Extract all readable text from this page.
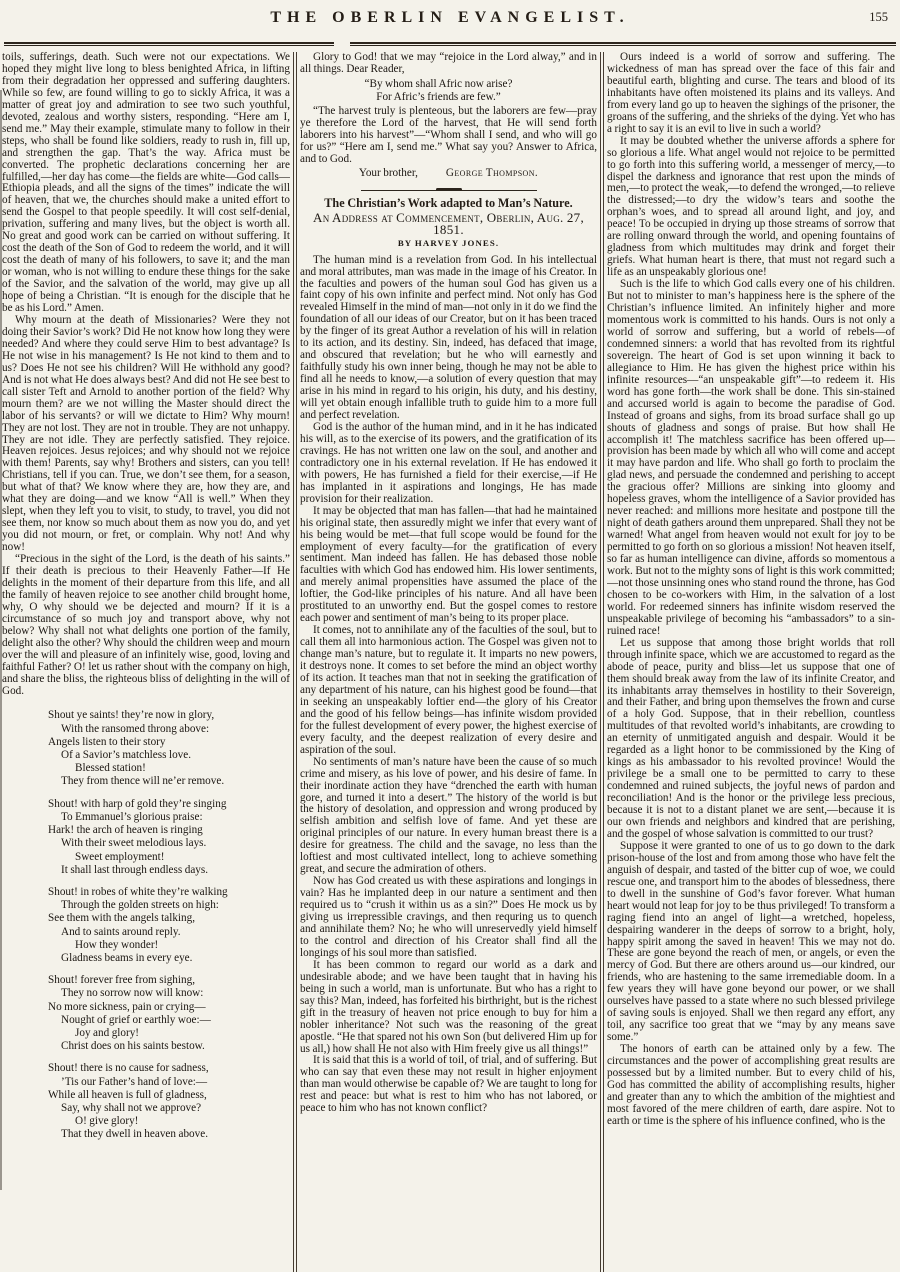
THE OBERLIN EVANGELIST.	155

toils, sufferings, death. Such were not our expectations. We hoped they might live long to bless benighted Africa, in lifting from their degradation her oppressed and suffering daughters. While so few, are found willing to go to sickly Africa, it was a matter of great joy and admiration to see two such youthful, devoted, zealous and worthy sisters, responding. “Here am I, send me.” May their example, stimulate many to follow in their steps, who shall be found like soldiers, ready to rush in, fill up, and strengthen the gap. That’s the way. Africa must be converted. The prophetic declarations concerning her are fulfilled,—her day has come—the fields are white—God calls—Ethiopia pleads, and all the signs of the times” indicate the will of heaven, that we, the churches should make a united effort to send the Gospel to that people speedily. It will cost self-denial, privation, suffering and many lives, but the object is worth all. No great and good work can be carried on without suffering. It cost the death of the Son of God to redeem the world, and it will cost the death of many of his followers, to save it; and the man or woman, who is not willing to endure these things for the sake of the Savior, and the salvation of the world, may give up all hope of being a Christian. “It is enough for the disciple that he be as his Lord.” Amen.

Why mourn at the death of Missionaries? Were they not doing their Savior’s work? Did He not know how long they were needed? And where they could serve Him to best advantage? Is He not wise in his management? Is He not kind to them and to us? Does He not see his children? Will He withhold any good? And is not what He does always best? And did not He see best to call sister Teft and Arnold to another portion of the field? Why mourn them? are we not willing the Master should direct the labor of his servants? or will we dictate to Him? Why mourn! They are not lost. They are not in trouble. They are not unhappy. They are not idle. They are perfectly satisfied. They rejoice. Heaven rejoices. Jesus rejoices; and why should not we rejoice with them! Parents, say why! Brothers and sisters, can you tell! Christians, tell if you can. True, we don’t see them, for a season, but what of that? We know where they are, how they are, and what they are doing—and we know “All is well.” When they slept, when they left you to visit, to study, to travel, you did not see them, nor know so much about them as now you do, and yet you did not mourn, or fret, or complain. Why not! And why now!

“Precious in the sight of the Lord, is the death of his saints.” If their death is precious to their Heavenly Father—If He delights in the moment of their departure from this life, and all the family of heaven rejoice to see another child brought home, why, O why should we be dejected and mourn? If it is a circumstance of so much joy and transport above, why not below? Why shall not what delights one portion of the family, delight also the other? Why should the children weep and mourn over the will and pleasure of an infinitely wise, good, loving and faithful Father? O! let us rather shout with the company on high, and share the bliss, the righteous bliss of delighting in the will of God.

Shout ye saints! they’re now in glory,
With the ransomed throng above:
Angels listen to their story
Of a Savior’s matchless love.
Blessed station!
They from thence will ne’er remove.
Shout! with harp of gold they’re singing
To Emmanuel’s glorious praise:
Hark! the arch of heaven is ringing
With their sweet melodious lays.
Sweet employment!
It shall last through endless days.
Shout! in robes of white they’re walking
Through the golden streets on high:
See them with the angels talking,
And to saints around reply.
How they wonder!
Gladness beams in every eye.
Shout! forever free from sighing,
They no sorrow now will know:
No more sickness, pain or crying—
Nought of grief or earthly woe:—
Joy and glory!
Christ does on his saints bestow.
Shout! there is no cause for sadness,
’Tis our Father’s hand of love:—
While all heaven is full of gladness,
Say, why shall not we approve?
O! give glory!
That they dwell in heaven above.

Glory to God! that we may “rejoice in the Lord alway,” and in all things. Dear Reader,

“By whom shall Afric now arise?
For Afric’s friends are few.”

“The harvest truly is plenteous, but the laborers are few—pray ye therefore the Lord of the harvest, that He will send forth laborers into his harvest”—“Whom shall I send, and who will go for us?” “Here am I, send me.” What say you? Answer to Africa, and to God.

Your brother,	George Thompson.
The Christian’s Work adapted to Man’s Nature.
An Address at Commencement, Oberlin, Aug. 27, 1851.
BY HARVEY JONES.

The human mind is a revelation from God. In his intellectual and moral attributes, man was made in the image of his Creator. In the faculties and powers of the human soul God has given us a faint copy of his own infinite and perfect mind. Not only has God revealed Himself in the mind of man—not only in it do we find the foundation of all our ideas of our Creator, but on it has been traced by the finger of its great Author a revelation of his will in relation to its action, and its destiny. Sin, indeed, has defaced that image, and obscured that revelation; but he who will earnestly and faithfully study his own inner being, though he may not be able to find all he needs to know,—a solution of every question that may arise in his mind in regard to his origin, his duty, and his destiny, will yet obtain enough infallible truth to guide him to a more full and perfect revelation.

God is the author of the human mind, and in it he has indicated his will, as to the exercise of its powers, and the gratification of its cravings. He has not written one law on the soul, and another and contradictory one in his external revelation. If He has endowed it with powers, He has furnished a field for their exercise,—if He has implanted in it aspirations and longings, He has made provision for their realization.

It may be objected that man has fallen—that had he maintained his original state, then assuredly might we infer that every want of his being would be met—that full scope would be found for the employment of every faculty—for the gratification of every sentiment. Man indeed has fallen. He has debased those noble faculties with which God has endowed him. His lower sentiments, and merely animal propensities have assumed the place of the loftier, the God-like principles of his nature. And all have been prostituted to an unworthy end. But the gospel comes to restore each power and sentiment of man’s being to its proper place.

It comes, not to annihilate any of the faculties of the soul, but to call them all into harmonious action. The Gospel was given not to change man’s nature, but to regulate it. It imparts no new powers, it destroys none. It comes to set before the mind an object worthy of its action. It teaches man that not in seeking the gratification of any department of his nature, can his highest good be found—that in seeking an unspeakably loftier end—the glory of his Creator and the good of his fellow beings—has infinite wisdom provided for the fullest development of every power, the highest exercise of every faculty, and the deepest realization of every desire and aspiration of the soul.

No sentiments of man’s nature have been the cause of so much crime and misery, as his love of power, and his desire of fame. In their inordinate action they have “drenched the earth with human gore, and turned it into a desert.” The history of the world is but the history of desolation, and oppression and wrong produced by selfish ambition and selfish love of fame. And yet these are original principles of our nature. In every human breast there is a desire for greatness. The child and the savage, no less than the loftiest and most cultivated intellect, long to achieve something great, and secure the admiration of others.

Now has God created us with these aspirations and longings in vain? Has he implanted deep in our nature a sentiment and then required us to “crush it within us as a sin?” Does He mock us by giving us irrepressible cravings, and then requring us to quench and annihilate them? No; he who will unreservedly yield himself to the control and direction of his Creator shall find all the longings of his soul more than satisfied.

It has been common to regard our world as a dark and undesirable abode; and we have been taught that in having his being in such a world, man is unfortunate. But who has a right to say this? Man, indeed, has forfeited his birthright, but is the richest gift in the treasury of heaven not price enough to buy for him a nobler inheritance? Not such was the reasoning of the great apostle. “He that spared not his own Son (but delivered Him up for us all,) how shall He not also with Him freely give us all things!”

It is said that this is a world of toil, of trial, and of suffering. But who can say that even these may not result in higher enjoyment than man would otherwise be capable of? We are taught to long for rest and peace: but what is rest to him who has not labored, or peace to him who has not known conflict?

Ours indeed is a world of sorrow and suffering. The wickedness of man has spread over the face of this fair and beautiful earth, blighting and curse. The tears and blood of its inhabitants have often moistened its plains and its valleys. And from every land go up to heaven the sighings of the prisoner, the groans of the suffering, and the shrieks of the dying. Yet who has a right to say it is an evil to live in such a world?

It may be doubted whether the universe affords a sphere for so glorious a life. What angel would not rejoice to be permitted to go forth into this suffering world, a messenger of mercy,—to dispel the darkness and ignorance that rest upon the minds of men,—to protect the weak,—to defend the wronged,—to relieve the distressed;—to dry the widow’s tears and soothe the orphan’s woes, and to spread all around light, and joy, and peace! To be occupied in drying up those streams of sorrow that are rolling onward through the world, and opening fountains of gladness from which multitudes may drink and forget their griefs. What human heart is there, that must not regard such a life as an unspeakably glorious one!

Such is the life to which God calls every one of his children. But not to minister to man’s happiness here is the sphere of the Christian’s influence limited. An infinitely higher and more momentous work is committed to his hands. Ours is not only a world of sorrow and suffering, but a world of rebels—of condemned sinners: a world that has revolted from its rightful sovereign. The heart of God is set upon winning it back to allegiance to Him. He has given the highest price within his infinite resources—“an unspeakable gift”—to redeem it. His word has gone forth—the work shall be done. This sin-stained and accursed world is again to become the paradise of God. Instead of groans and sighs, from its broad surface shall go up shouts of gladness and songs of praise. But how shall He accomplish it! The matchless sacrifice has been offered up—provision has been made by which all who will come and accept it may have pardon and life. Who shall go forth to proclaim the glad news, and persuade the condemned and perishing to accept the gracious offer? Millions are sinking into gloomy and hopeless graves, whom the intelligence of a Savior provided has never reached: and millions more hesitate and postpone till the night of death gathers around them unprepared. Shall they not be warned! What angel from heaven would not exult for joy to be permitted to go forth on so glorious a mission! Not heaven itself, so far as human intelligence can divine, affords so momentous a work. But not to the mighty sons of light is this work committed;—not those unsinning ones who stand round the throne, has God chosen to be co-workers with Him, in the salvation of a lost world. For redeemed sinners has infinite wisdom reserved the unspeakable privilege of becoming his “ambassadors” to a sin-ruined race!

Let us suppose that among those bright worlds that roll through infinite space, which we are accustomed to regard as the abode of peace, purity and bliss—let us suppose that one of them should break away from the law of its infinite Creator, and its inhabitants array themselves in hostility to their Sovereign, and their Father, and bring upon themselves the frown and curse of a holy God. Suppose, that in their rebellion, countless multitudes of that revolted world’s inhabitants, are crowding to an eternity of unmitigated anguish and despair. Would it be regarded as a light honor to be commissioned by the King of kings as his ambassador to his revolted province! Would the privilege be a small one to be permitted to carry to these condemned and ruined subjects, the joyful news of pardon and reconciliation! And is the honor or the privilege less precious, because it is not to a distant planet we are sent,—because it is our own friends and neighbors and kindred that are perishing, and the gospel of whose salvation is committed to our trust?

Suppose it were granted to one of us to go down to the dark prison-house of the lost and from among those who have felt the anguish of despair, and tasted of the bitter cup of woe, we could rescue one, and transport him to the abodes of blessedness, there to dwell in the sunshine of God’s favor forever. What human heart would not leap for joy to be thus privileged! To transform a raging fiend into an angel of light—a wretched, hopeless, despairing wanderer in the deeps of sorrow to a bright, holy, happy spirit among the saved in heaven! This we may not do. These are gone beyond the reach of men, or angels, or even the mercy of God. But there are others around us—our kindred, our friends, who are hastening to the same irremediable doom. In a few years they will have gone beyond our power, or we shall ourselves have passed to a state where no such blessed privilege of saving souls is enjoyed. Shall we then regard any effort, any toil, any sacrifice too great that we “may by any means save some.”

The honors of earth can be attained only by a few. The circumstances and the power of accomplishing great results are possessed but by a limited number. But to every child of his, God has committed the ability of accomplishing results, higher and greater than any to which the ambition of the mightiest and most favored of the mere children of earth, dare aspire. Not to earth or time is the sphere of his influence confined, who is the
